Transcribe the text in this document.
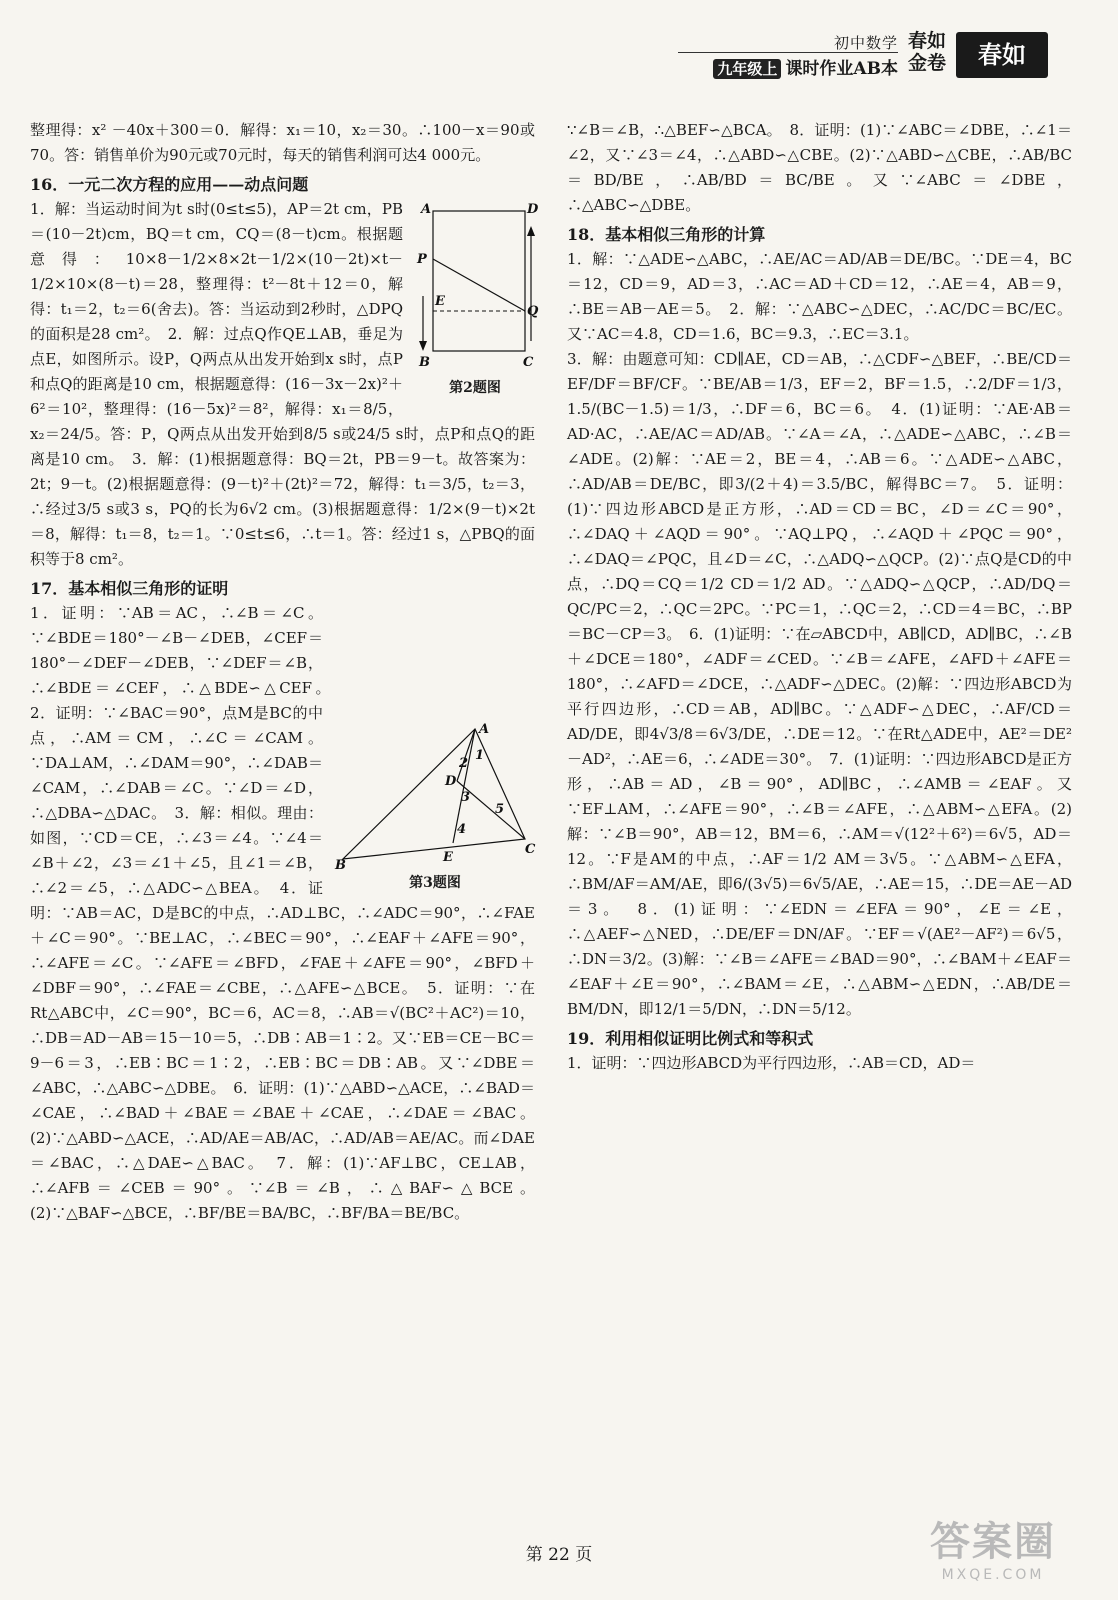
初中数学
九年级上 课时作业AB本
春如金卷	春如

整理得：x² －40x＋300＝0．解得：x₁＝10，x₂＝30。∴100－x＝90或70。答：销售单价为90元或70元时，每天的销售利润可达4 000元。

16．一元二次方程的应用——动点问题
A	D
P
E
Q
B	C
第2题图

1．解：当运动时间为t s时(0≤t≤5)，AP＝2t cm，PB＝(10－2t)cm，BQ＝t cm，CQ＝(8－t)cm。根据题意得：10×8－1/2×8×2t－1/2×(10－2t)×t－1/2×10×(8－t)＝28，整理得：t²－8t＋12＝0，解得：t₁＝2，t₂＝6(舍去)。答：当运动到2秒时，△DPQ的面积是28 cm²。　2．解：过点Q作QE⊥AB，垂足为点E，如图所示。设P，Q两点从出发开始到x s时，点P和点Q的距离是10 cm，根据题意得：(16－3x－2x)²＋6²＝10²，整理得：(16－5x)²＝8²，解得：x₁＝8/5，x₂＝24/5。答：P，Q两点从出发开始到8/5 s或24/5 s时，点P和点Q的距离是10 cm。　3．解：(1)根据题意得：BQ＝2t，PB＝9－t。故答案为：2t；9－t。(2)根据题意得：(9－t)²＋(2t)²＝72，解得：t₁＝3/5，t₂＝3，∴经过3/5 s或3 s，PQ的长为6√2 cm。(3)根据题意得：1/2×(9－t)×2t＝8，解得：t₁＝8，t₂＝1。∵0≤t≤6，∴t＝1。答：经过1 s，△PBQ的面积等于8 cm²。

17．基本相似三角形的证明
A
B
C
D
E
1
2
3
4
5
第3题图

1．证明：∵AB＝AC，∴∠B＝∠C。∵∠BDE＝180°－∠B－∠DEB，∠CEF＝180°－∠DEF－∠DEB，∵∠DEF＝∠B，∴∠BDE＝∠CEF，∴△BDE∽△CEF。　2．证明：∵∠BAC＝90°，点M是BC的中点，∴AM＝CM，∴∠C＝∠CAM。∵DA⊥AM，∴∠DAM＝90°，∴∠DAB＝∠CAM，∴∠DAB＝∠C。∵∠D＝∠D，∴△DBA∽△DAC。　3．解：相似。理由：如图，∵CD＝CE，∴∠3＝∠4。∵∠4＝∠B＋∠2，∠3＝∠1＋∠5，且∠1＝∠B，∴∠2＝∠5，∴△ADC∽△BEA。　4．证明：∵AB＝AC，D是BC的中点，∴AD⊥BC，∴∠ADC＝90°，∴∠FAE＋∠C＝90°。∵BE⊥AC，∴∠BEC＝90°，∴∠EAF＋∠AFE＝90°，∴∠AFE＝∠C。∵∠AFE＝∠BFD，∠FAE＋∠AFE＝90°，∠BFD＋∠DBF＝90°，∴∠FAE＝∠CBE，∴△AFE∽△BCE。　5．证明：∵在Rt△ABC中，∠C＝90°，BC＝6，AC＝8，∴AB＝√(BC²＋AC²)＝10，∴DB＝AD－AB＝15－10＝5，∴DB∶AB＝1∶2。又∵EB＝CE－BC＝9－6＝3，∴EB∶BC＝1∶2，∴EB∶BC＝DB∶AB。又∵∠DBE＝∠ABC，∴△ABC∽△DBE。　6．证明：(1)∵△ABD∽△ACE，∴∠BAD＝∠CAE，∴∠BAD＋∠BAE＝∠BAE＋∠CAE，∴∠DAE＝∠BAC。(2)∵△ABD∽△ACE，∴AD/AE＝AB/AC，∴AD/AB＝AE/AC。而∠DAE＝∠BAC，∴△DAE∽△BAC。　7．解：(1)∵AF⊥BC，CE⊥AB，∴∠AFB＝∠CEB＝90°。∵∠B＝∠B，∴△BAF∽△BCE。(2)∵△BAF∽△BCE，∴BF/BE＝BA/BC，∴BF/BA＝BE/BC。

∵∠B＝∠B，∴△BEF∽△BCA。　8．证明：(1)∵∠ABC＝∠DBE，∴∠1＝∠2，又∵∠3＝∠4，∴△ABD∽△CBE。(2)∵△ABD∽△CBE，∴AB/BC＝BD/BE，∴AB/BD＝BC/BE。又∵∠ABC＝∠DBE，∴△ABC∽△DBE。

18．基本相似三角形的计算

1．解：∵△ADE∽△ABC，∴AE/AC＝AD/AB＝DE/BC。∵DE＝4，BC＝12，CD＝9，AD＝3，∴AC＝AD＋CD＝12，∴AE＝4，AB＝9，∴BE＝AB－AE＝5。　2．解：∵△ABC∽△DEC，∴AC/DC＝BC/EC。又∵AC＝4.8，CD＝1.6，BC＝9.3，∴EC＝3.1。

3．解：由题意可知：CD∥AE，CD＝AB，∴△CDF∽△BEF，∴BE/CD＝EF/DF＝BF/CF。∵BE/AB＝1/3，EF＝2，BF＝1.5，∴2/DF＝1/3，1.5/(BC－1.5)＝1/3，∴DF＝6，BC＝6。　4．(1)证明：∵AE·AB＝AD·AC，∴AE/AC＝AD/AB。∵∠A＝∠A，∴△ADE∽△ABC，∴∠B＝∠ADE。(2)解：∵AE＝2，BE＝4，∴AB＝6。∵△ADE∽△ABC，∴AD/AB＝DE/BC，即3/(2＋4)＝3.5/BC，解得BC＝7。　5．证明：(1)∵四边形ABCD是正方形，∴AD＝CD＝BC，∠D＝∠C＝90°，∴∠DAQ＋∠AQD＝90°。∵AQ⊥PQ，∴∠AQD＋∠PQC＝90°，∴∠DAQ＝∠PQC，且∠D＝∠C，∴△ADQ∽△QCP。(2)∵点Q是CD的中点，∴DQ＝CQ＝1/2 CD＝1/2 AD。∵△ADQ∽△QCP，∴AD/DQ＝QC/PC＝2，∴QC＝2PC。∵PC＝1，∴QC＝2，∴CD＝4＝BC，∴BP＝BC－CP＝3。　6．(1)证明：∵在▱ABCD中，AB∥CD，AD∥BC，∴∠B＋∠DCE＝180°，∠ADF＝∠CED。∵∠B＝∠AFE，∠AFD＋∠AFE＝180°，∴∠AFD＝∠DCE，∴△ADF∽△DEC。(2)解：∵四边形ABCD为平行四边形，∴CD＝AB，AD∥BC。∵△ADF∽△DEC，∴AF/CD＝AD/DE，即4√3/8＝6√3/DE，∴DE＝12。∵在Rt△ADE中，AE²＝DE²－AD²，∴AE＝6，∴∠ADE＝30°。　7．(1)证明：∵四边形ABCD是正方形，∴AB＝AD，∠B＝90°，AD∥BC，∴∠AMB＝∠EAF。又∵EF⊥AM，∴∠AFE＝90°，∴∠B＝∠AFE，∴△ABM∽△EFA。(2)解：∵∠B＝90°，AB＝12，BM＝6，∴AM＝√(12²＋6²)＝6√5，AD＝12。∵F是AM的中点，∴AF＝1/2 AM＝3√5。∵△ABM∽△EFA，∴BM/AF＝AM/AE，即6/(3√5)＝6√5/AE，∴AE＝15，∴DE＝AE－AD＝3。　8．(1)证明：∵∠EDN＝∠EFA＝90°，∠E＝∠E，∴△AEF∽△NED，∴DE/EF＝DN/AF。∵EF＝√(AE²－AF²)＝6√5，∴DN＝3/2。(3)解：∵∠B＝∠AFE＝∠BAD＝90°，∴∠BAM＋∠EAF＝∠EAF＋∠E＝90°，∴∠BAM＝∠E，∴△ABM∽△EDN，∴AB/DE＝BM/DN，即12/1＝5/DN，∴DN＝5/12。

19．利用相似证明比例式和等积式

1．证明：∵四边形ABCD为平行四边形，∴AB＝CD，AD＝

第 22 页	答案圈
MXQE.COM
